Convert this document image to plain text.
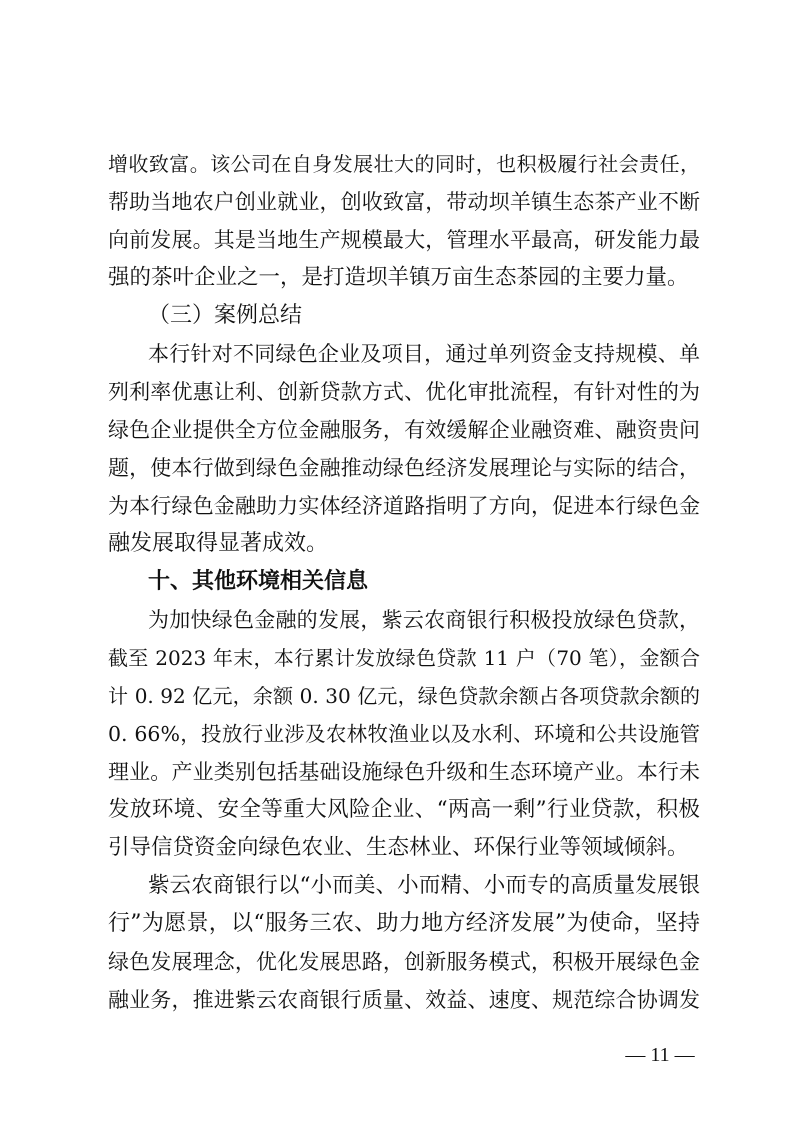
增收致富。该公司在自身发展壮大的同时，也积极履行社会责任，
帮助当地农户创业就业，创收致富，带动坝羊镇生态茶产业不断
向前发展。其是当地生产规模最大，管理水平最高，研发能力最
强的茶叶企业之一，是打造坝羊镇万亩生态茶园的主要力量。
（三）案例总结
本行针对不同绿色企业及项目，通过单列资金支持规模、单
列利率优惠让利、创新贷款方式、优化审批流程，有针对性的为
绿色企业提供全方位金融服务，有效缓解企业融资难、融资贵问
题，使本行做到绿色金融推动绿色经济发展理论与实际的结合，
为本行绿色金融助力实体经济道路指明了方向，促进本行绿色金
融发展取得显著成效。
十、其他环境相关信息
为加快绿色金融的发展，紫云农商银行积极投放绿色贷款，
截至 2023 年末，本行累计发放绿色贷款 11 户（70 笔），金额合
计 0. 92 亿元，余额 0. 30 亿元，绿色贷款余额占各项贷款余额的
0. 66%，投放行业涉及农林牧渔业以及水利、环境和公共设施管
理业。产业类别包括基础设施绿色升级和生态环境产业。本行未
发放环境、安全等重大风险企业、“两高一剩”行业贷款，积极
引导信贷资金向绿色农业、生态林业、环保行业等领域倾斜。
紫云农商银行以“小而美、小而精、小而专的高质量发展银
行”为愿景，以“服务三农、助力地方经济发展”为使命，坚持
绿色发展理念，优化发展思路，创新服务模式，积极开展绿色金
融业务，推进紫云农商银行质量、效益、速度、规范综合协调发
— 11 —
